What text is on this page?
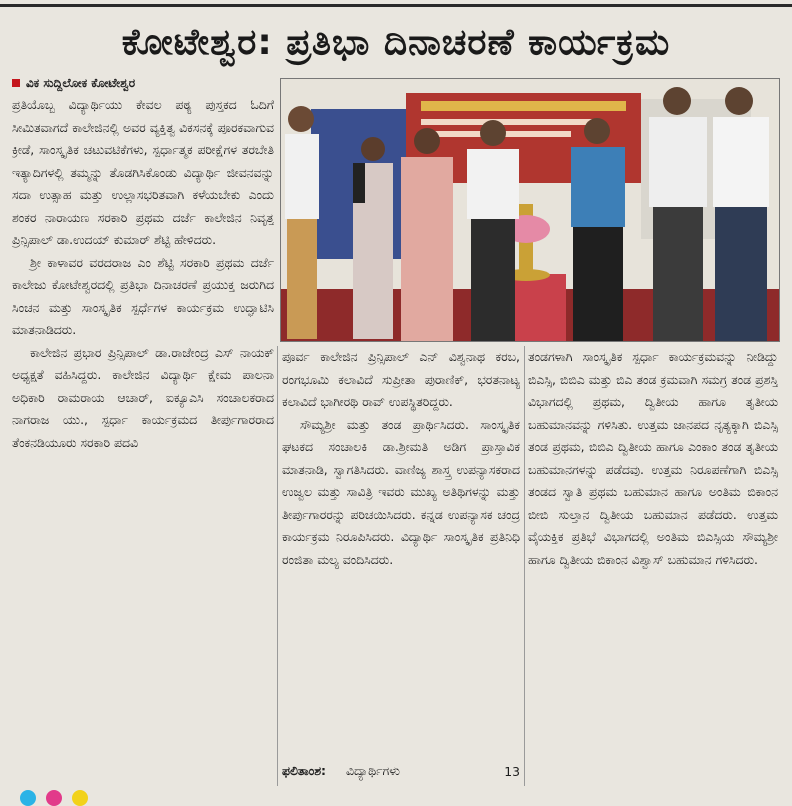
ಕೋಟೇಶ್ವರ: ಪ್ರತಿಭಾ ದಿನಾಚರಣೆ ಕಾರ್ಯಕ್ರಮ
ವಿಕ ಸುದ್ದಿಲೋಕ ಕೋಟೇಶ್ವರ

ಪ್ರತಿಯೊಬ್ಬ ವಿದ್ಯಾರ್ಥಿಯು ಕೇವಲ ಪಠ್ಯ ಪುಸ್ತಕದ ಓದಿಗೆ ಸೀಮಿತವಾಗದೆ ಕಾಲೇಜಿನಲ್ಲಿ ಅವರ ವ್ಯಕ್ತಿತ್ವ ವಿಕಸನಕ್ಕೆ ಪೂರಕವಾಗುವ ಕ್ರೀಡೆ, ಸಾಂಸ್ಕೃತಿಕ ಚಟುವಟಿಕೆಗಳು, ಸ್ಪರ್ಧಾತ್ಮಕ ಪರೀಕ್ಷೆಗಳ ತರಬೇತಿ ಇತ್ಯಾದಿಗಳಲ್ಲಿ ತಮ್ಮನ್ನು ತೊಡಗಿಸಿಕೊಂಡು ವಿದ್ಯಾರ್ಥಿ ಜೀವನವನ್ನು ಸದಾ ಉತ್ಸಾಹ ಮತ್ತು ಉಲ್ಲಾಸಭರಿತವಾಗಿ ಕಳೆಯಬೇಕು ಎಂದು ಶಂಕರ ನಾರಾಯಣ ಸರಕಾರಿ ಪ್ರಥಮ ದರ್ಜೆ ಕಾಲೇಜಿನ ನಿವೃತ್ತ ಪ್ರಿನ್ಸಿಪಾಲ್ ಡಾ.ಉದಯ್ ಕುಮಾರ್ ಶೆಟ್ಟಿ ಹೇಳಿದರು.

ಶ್ರೀ ಕಾಳಾವರ ವರದರಾಜ ಎಂ ಶೆಟ್ಟಿ ಸರಕಾರಿ ಪ್ರಥಮ ದರ್ಜೆ ಕಾಲೇಜು ಕೋಟೇಶ್ವರದಲ್ಲಿ ಪ್ರತಿಭಾ ದಿನಾಚರಣೆ ಪ್ರಯುಕ್ತ ಜರುಗಿದ ಸಿಂಚನ ಮತ್ತು ಸಾಂಸ್ಕೃತಿಕ ಸ್ಪರ್ಧೆಗಳ ಕಾರ್ಯಕ್ರಮ ಉದ್ಘಾಟಿಸಿ ಮಾತನಾಡಿದರು.

ಕಾಲೇಜಿನ ಪ್ರಭಾರ ಪ್ರಿನ್ಸಿಪಾಲ್ ಡಾ.ರಾಜೇಂದ್ರ ಎಸ್ ನಾಯಕ್ ಅಧ್ಯಕ್ಷತೆ ವಹಿಸಿದ್ದರು. ಕಾಲೇಜಿನ ವಿದ್ಯಾರ್ಥಿ ಕ್ಷೇಮ ಪಾಲನಾ ಅಧಿಕಾರಿ ರಾಮರಾಯ ಆಚಾರ್, ಐಕ್ಯೂಎಸಿ ಸಂಚಾಲಕರಾದ ನಾಗರಾಜ ಯು., ಸ್ಪರ್ಧಾ ಕಾರ್ಯಕ್ರಮದ ತೀರ್ಪುಗಾರರಾದ ತೆಂಕನಡಿಯೂರು ಸರಕಾರಿ ಪದವಿ

ಪೂರ್ವ ಕಾಲೇಜಿನ ಪ್ರಿನ್ಸಿಪಾಲ್ ಎನ್ ವಿಶ್ವನಾಥ ಕರಬ, ರಂಗಭೂಮಿ ಕಲಾವಿದೆ ಸುಪ್ರೀತಾ ಪುರಾಣಿಕ್, ಭರತನಾಟ್ಯ ಕಲಾವಿದೆ ಭಾಗೀರಥಿ ರಾವ್ ಉಪಸ್ಥಿತರಿದ್ದರು.

ಸೌಮ್ಯಶ್ರೀ ಮತ್ತು ತಂಡ ಪ್ರಾರ್ಥಿಸಿದರು. ಸಾಂಸ್ಕೃತಿಕ ಘಟಕದ ಸಂಚಾಲಕಿ ಡಾ.ಶ್ರೀಮತಿ ಅಡಿಗ ಪ್ರಾಸ್ತಾವಿಕ ಮಾತನಾಡಿ, ಸ್ವಾಗತಿಸಿದರು. ವಾಣಿಜ್ಯ ಶಾಸ್ತ್ರ ಉಪನ್ಯಾಸಕರಾದ ಉಜ್ವಲ ಮತ್ತು ಸಾವಿತ್ರಿ ಇವರು ಮುಖ್ಯ ಅತಿಥಿಗಳನ್ನು ಮತ್ತು ತೀರ್ಪುಗಾರರನ್ನು ಪರಿಚಯಿಸಿದರು. ಕನ್ನಡ ಉಪನ್ಯಾಸಕ ಚಂದ್ರ ಕಾರ್ಯಕ್ರಮ ನಿರೂಪಿಸಿದರು. ವಿದ್ಯಾರ್ಥಿ ಸಾಂಸ್ಕೃತಿಕ ಪ್ರತಿನಿಧಿ ರಂಜಿತಾ ಮಲ್ಯ ವಂದಿಸಿದರು.

ತಂಡಗಳಾಗಿ ಸಾಂಸ್ಕೃತಿಕ ಸ್ಪರ್ಧಾ ಕಾರ್ಯಕ್ರಮವನ್ನು ನೀಡಿದ್ದು ಬಿಎಸ್ಸಿ, ಬಿಬಿಎ ಮತ್ತು ಬಿಎ ತಂಡ ಕ್ರಮವಾಗಿ ಸಮಗ್ರ ತಂಡ ಪ್ರಶಸ್ತಿ ವಿಭಾಗದಲ್ಲಿ ಪ್ರಥಮ, ದ್ವಿತೀಯ ಹಾಗೂ ತೃತೀಯ ಬಹುಮಾನವನ್ನು ಗಳಿಸಿತು. ಉತ್ತಮ ಜಾನಪದ ನೃತ್ಯಕ್ಕಾಗಿ ಬಿಎಸ್ಸಿ ತಂಡ ಪ್ರಥಮ, ಬಿಬಿಎ ದ್ವಿತೀಯ ಹಾಗೂ ಎಂಕಾಂ ತಂಡ ತೃತೀಯ ಬಹುಮಾನಗಳನ್ನು ಪಡೆದವು. ಉತ್ತಮ ನಿರೂಪಣೆಗಾಗಿ ಬಿಎಸ್ಸಿ ತಂಡದ ಸ್ವಾತಿ ಪ್ರಥಮ ಬಹುಮಾನ ಹಾಗೂ ಅಂತಿಮ ಬಿಕಾಂನ ಬೀಬಿ ಸುಲ್ತಾನ ದ್ವಿತೀಯ ಬಹುಮಾನ ಪಡೆದರು. ಉತ್ತಮ ವೈಯಕ್ತಿಕ ಪ್ರತಿಭೆ ವಿಭಾಗದಲ್ಲಿ ಅಂತಿಮ ಬಿಎಸ್ಸಿಯ ಸೌಮ್ಯಶ್ರೀ ಹಾಗೂ ದ್ವಿತೀಯ ಬಿಕಾಂನ ವಿಶ್ವಾಸ್ ಬಹುಮಾನ ಗಳಿಸಿದರು.

ಫಲಿತಾಂಶ: ವಿದ್ಯಾರ್ಥಿಗಳು	13
